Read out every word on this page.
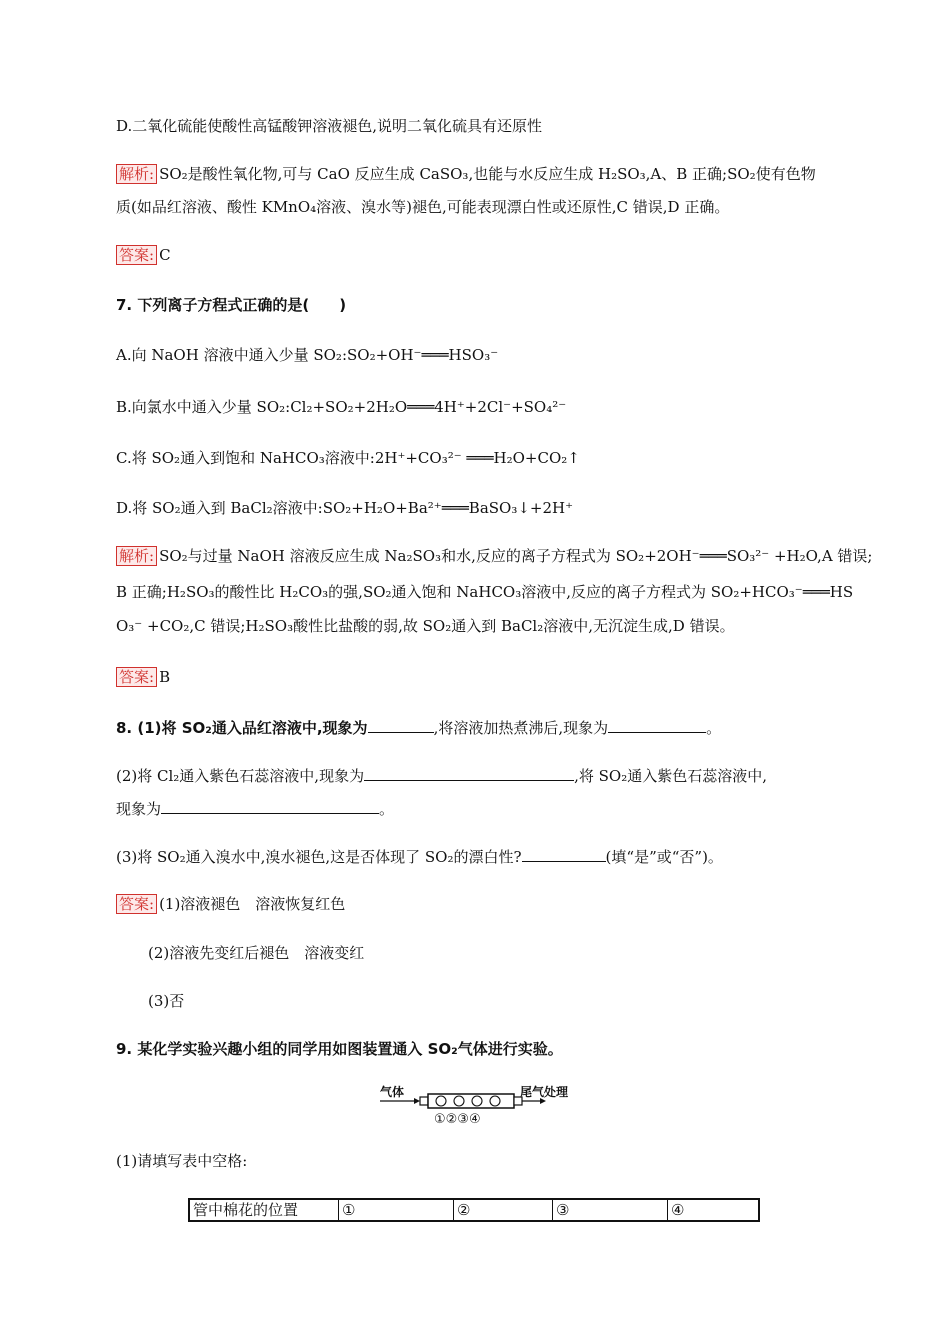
D.二氧化硫能使酸性高锰酸钾溶液褪色,说明二氧化硫具有还原性
解析: SO₂是酸性氧化物,可与 CaO 反应生成 CaSO₃,也能与水反应生成 H₂SO₃,A、B 正确;SO₂使有色物
质(如品红溶液、酸性 KMnO₄溶液、溴水等)褪色,可能表现漂白性或还原性,C 错误,D 正确。
答案: C
7. 下列离子方程式正确的是(　　)
A.向 NaOH 溶液中通入少量 SO₂:SO₂+OH⁻═══HSO₃⁻
B.向氯水中通入少量 SO₂:Cl₂+SO₂+2H₂O═══4H⁺+2Cl⁻+SO₄²⁻
C.将 SO₂通入到饱和 NaHCO₃溶液中:2H⁺+CO₃²⁻ ═══H₂O+CO₂↑
D.将 SO₂通入到 BaCl₂溶液中:SO₂+H₂O+Ba²⁺═══BaSO₃↓+2H⁺
解析: SO₂与过量 NaOH 溶液反应生成 Na₂SO₃和水,反应的离子方程式为 SO₂+2OH⁻═══SO₃²⁻ +H₂O,A 错误;
B 正确;H₂SO₃的酸性比 H₂CO₃的强,SO₂通入饱和 NaHCO₃溶液中,反应的离子方程式为 SO₂+HCO₃⁻═══HS
O₃⁻ +CO₂,C 错误;H₂SO₃酸性比盐酸的弱,故 SO₂通入到 BaCl₂溶液中,无沉淀生成,D 错误。
答案: B
8. (1)将 SO₂通入品红溶液中,现象为	,将溶液加热煮沸后,现象为	。
(2)将 Cl₂通入紫色石蕊溶液中,现象为	,将 SO₂通入紫色石蕊溶液中,
现象为	。
(3)将 SO₂通入溴水中,溴水褪色,这是否体现了 SO₂的漂白性?	(填“是”或“否”)。
答案: (1)溶液褪色　溶液恢复红色
(2)溶液先变红后褪色　溶液变红
(3)否
9. 某化学实验兴趣小组的同学用如图装置通入 SO₂气体进行实验。
气体	尾气处理
①②③④
(1)请填写表中空格:
管中棉花的位置	①	②	③	④
